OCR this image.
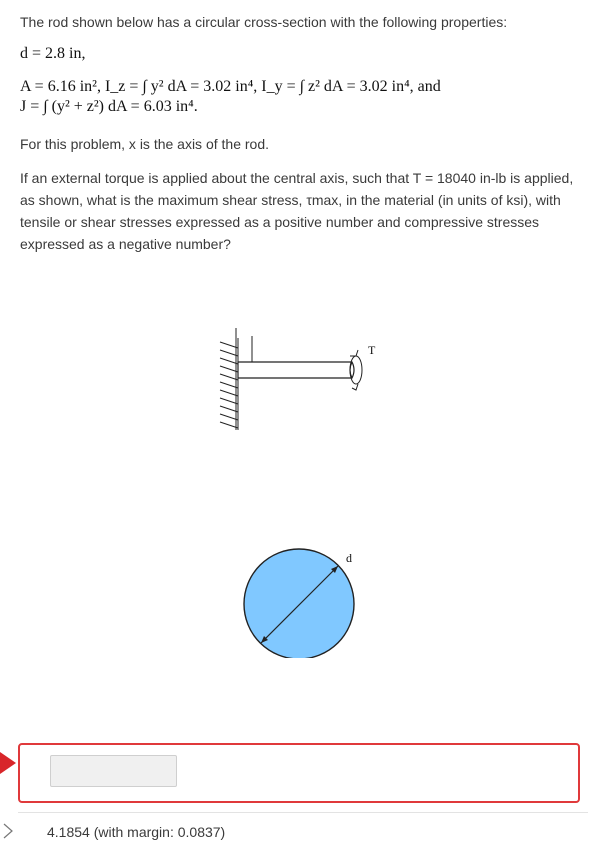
The rod shown below has a circular cross-section with the following properties:
d = 2.8 in,
A = 6.16 in², I_z = ∫ y² dA = 3.02 in⁴, I_y = ∫ z² dA = 3.02 in⁴, and
J = ∫ (y² + z²) dA = 6.03 in⁴.
For this problem, x is the axis of the rod.
If an external torque is applied about the central axis, such that T = 18040 in-lb is applied, as shown, what is the maximum shear stress, τmax, in the material (in units of ksi), with tensile or shear stresses expressed as a positive number and compressive stresses expressed as a negative number?
T
d
4.1854 (with margin: 0.0837)
